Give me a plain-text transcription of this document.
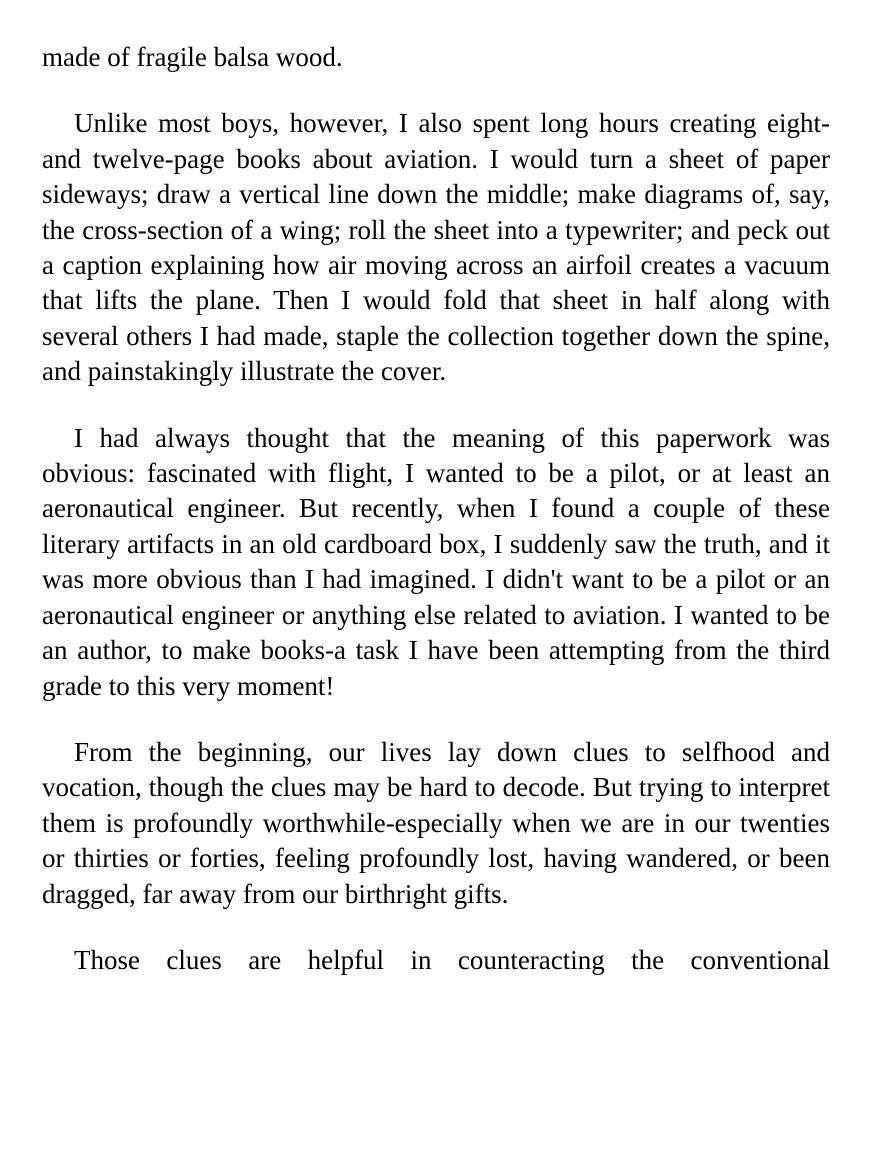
made of fragile balsa wood.

Unlike most boys, however, I also spent long hours creating eight- and twelve-page books about aviation. I would turn a sheet of paper sideways; draw a vertical line down the middle; make diagrams of, say, the cross-section of a wing; roll the sheet into a typewriter; and peck out a caption explaining how air moving across an airfoil creates a vacuum that lifts the plane. Then I would fold that sheet in half along with several others I had made, staple the collection together down the spine, and painstakingly illustrate the cover.

I had always thought that the meaning of this paperwork was obvious: fascinated with flight, I wanted to be a pilot, or at least an aeronautical engineer. But recently, when I found a couple of these literary artifacts in an old cardboard box, I suddenly saw the truth, and it was more obvious than I had imagined. I didn't want to be a pilot or an aeronautical engineer or anything else related to aviation. I wanted to be an author, to make books-a task I have been attempting from the third grade to this very moment!

From the beginning, our lives lay down clues to selfhood and vocation, though the clues may be hard to decode. But trying to interpret them is profoundly worthwhile-especially when we are in our twenties or thirties or forties, feeling profoundly lost, having wandered, or been dragged, far away from our birthright gifts.

Those clues are helpful in counteracting the conventional
